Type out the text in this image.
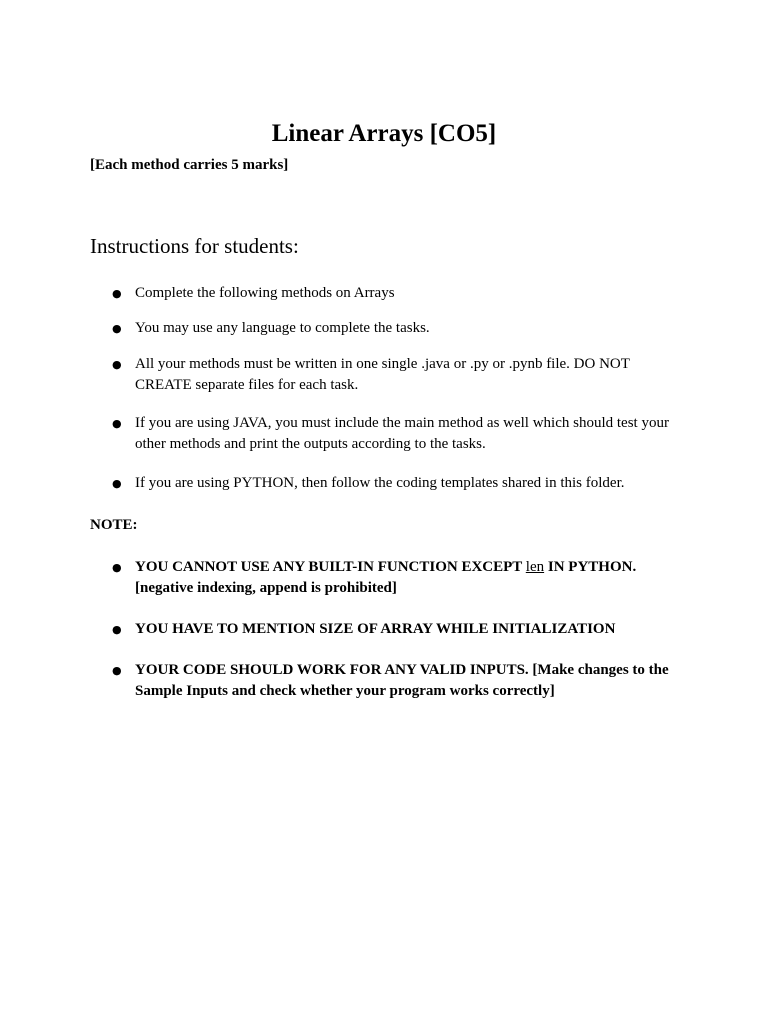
Linear Arrays [CO5]

[Each method carries 5 marks]

Instructions for students:
● Complete the following methods on Arrays
● You may use any language to complete the tasks.
● All your methods must be written in one single .java or .py or .pynb file. DO NOT CREATE separate files for each task.
● If you are using JAVA, you must include the main method as well which should test your other methods and print the outputs according to the tasks.
● If you are using PYTHON, then follow the coding templates shared in this folder.

NOTE:

● YOU CANNOT USE ANY BUILT-IN FUNCTION EXCEPT len IN PYTHON. [negative indexing, append is prohibited]
● YOU HAVE TO MENTION SIZE OF ARRAY WHILE INITIALIZATION
● YOUR CODE SHOULD WORK FOR ANY VALID INPUTS. [Make changes to the Sample Inputs and check whether your program works correctly]
